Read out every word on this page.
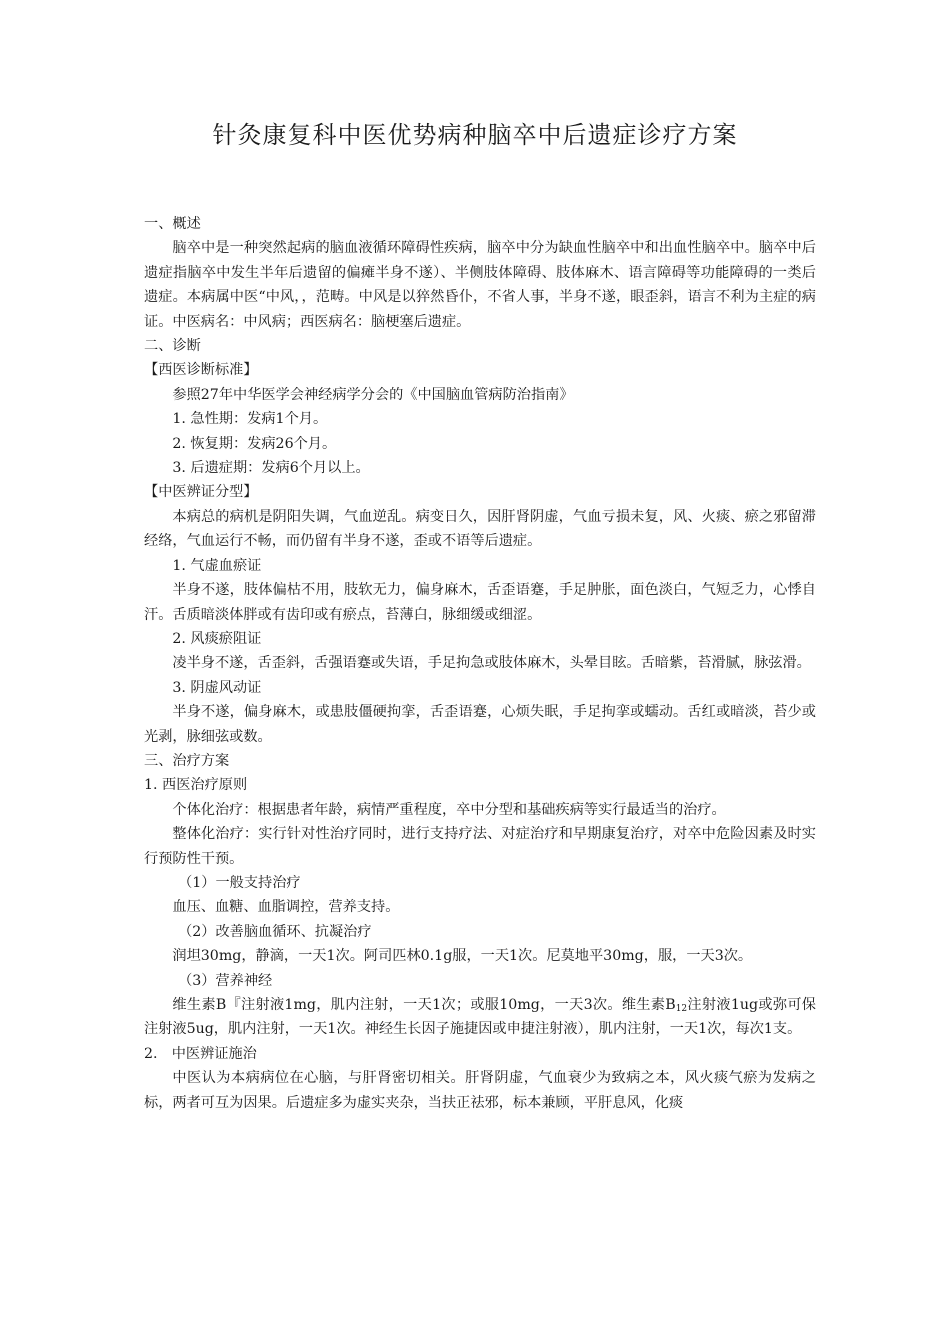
针灸康复科中医优势病种脑卒中后遗症诊疗方案

一、概述

脑卒中是一种突然起病的脑血液循环障碍性疾病，脑卒中分为缺血性脑卒中和出血性脑卒中。脑卒中后遗症指脑卒中发生半年后遗留的偏瘫半身不遂）、半侧肢体障碍、肢体麻木、语言障碍等功能障碍的一类后遗症。本病属中医“中风，，范畴。中风是以猝然昏仆，不省人事，半身不遂，眼歪斜，语言不利为主症的病证。中医病名：中风病；西医病名：脑梗塞后遗症。

二、诊断

【西医诊断标准】

参照27年中华医学会神经病学分会的《中国脑血管病防治指南》

1. 急性期：发病1个月。

2. 恢复期：发病26个月。

3. 后遗症期：发病6个月以上。

【中医辨证分型】

本病总的病机是阴阳失调，气血逆乱。病变日久，因肝肾阴虚，气血亏损未复，风、火痰、瘀之邪留滞经络，气血运行不畅，而仍留有半身不遂，歪或不语等后遗症。

1. 气虚血瘀证

半身不遂，肢体偏枯不用，肢软无力，偏身麻木，舌歪语蹇，手足肿胀，面色淡白，气短乏力，心悸自汗。舌质暗淡体胖或有齿印或有瘀点，苔薄白，脉细缓或细涩。

2. 风痰瘀阻证

凌半身不遂，舌歪斜，舌强语蹇或失语，手足拘急或肢体麻木，头晕目眩。舌暗紫，苔滑腻，脉弦滑。

3. 阴虚风动证

半身不遂，偏身麻木，或患肢僵硬拘挛，舌歪语蹇，心烦失眠，手足拘挛或蠕动。舌红或暗淡，苔少或光剥，脉细弦或数。

三、治疗方案

1. 西医治疗原则

个体化治疗：根据患者年龄，病情严重程度，卒中分型和基础疾病等实行最适当的治疗。

整体化治疗：实行针对性治疗同时，进行支持疗法、对症治疗和早期康复治疗，对卒中危险因素及时实行预防性干预。

（1）一般支持治疗

血压、血糖、血脂调控，营养支持。

（2）改善脑血循环、抗凝治疗

润坦30mg，静滴，一天1次。阿司匹林0.1g服，一天1次。尼莫地平30mg，服，一天3次。

（3）营养神经

维生素B『注射液1mg，肌内注射，一天1次；或服10mg，一天3次。维生素$B_{12}$注射液1ug或弥可保注射液5ug，肌内注射，一天1次。神经生长因子施捷因或申捷注射液），肌内注射，一天1次，每次1支。

2.　中医辨证施治

中医认为本病病位在心脑，与肝肾密切相关。肝肾阴虚，气血衰少为致病之本，风火痰气瘀为发病之标，两者可互为因果。后遗症多为虚实夹杂，当扶正祛邪，标本兼顾，平肝息风，化痰
